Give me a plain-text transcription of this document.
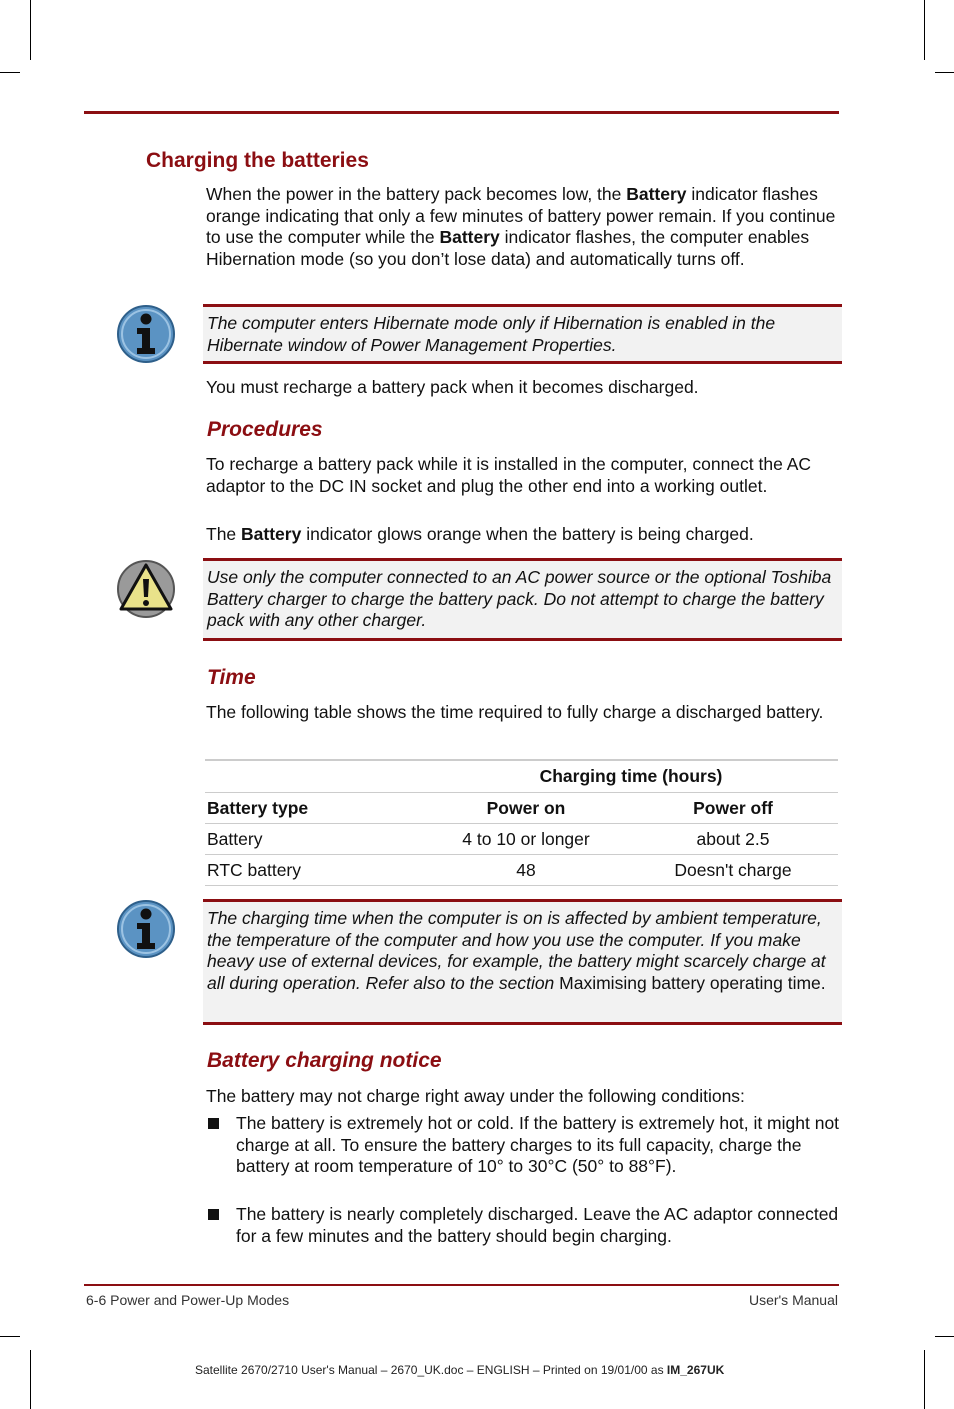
Charging the batteries

When the power in the battery pack becomes low, the Battery indicator flashes orange indicating that only a few minutes of battery power remain. If you continue to use the computer while the Battery indicator flashes, the computer enables Hibernation mode (so you don’t lose data) and automatically turns off.

The computer enters Hibernate mode only if Hibernation is enabled in the Hibernate window of Power Management Properties.

You must recharge a battery pack when it becomes discharged.

Procedures

To recharge a battery pack while it is installed in the computer, connect the AC adaptor to the DC IN socket and plug the other end into a working outlet.

The Battery indicator glows orange when the battery is being charged.

Use only the computer connected to an AC power source or the optional Toshiba Battery charger to charge the battery pack. Do not attempt to charge the battery pack with any other charger.
Time

The following table shows the time required to fully charge a discharged battery.

	Charging time (hours)	
Battery type	Power on	Power off
Battery	4 to 10 or longer	about 2.5
RTC battery	48	Doesn't charge
The charging time when the computer is on is affected by ambient temperature, the temperature of the computer and how you use the computer. If you make heavy use of external devices, for example, the battery might scarcely charge at all during operation. Refer also to the section Maximising battery operating time.
Battery charging notice

The battery may not charge right away under the following conditions:

The battery is extremely hot or cold. If the battery is extremely hot, it might not charge at all. To ensure the battery charges to its full capacity, charge the battery at room temperature of 10° to 30°C (50° to 88°F).

The battery is nearly completely discharged. Leave the AC adaptor connected for a few minutes and the battery should begin charging.

6-6 Power and Power-Up Modes	User's Manual
Satellite 2670/2710 User's Manual – 2670_UK.doc – ENGLISH – Printed on 19/01/00 as IM_267UK
